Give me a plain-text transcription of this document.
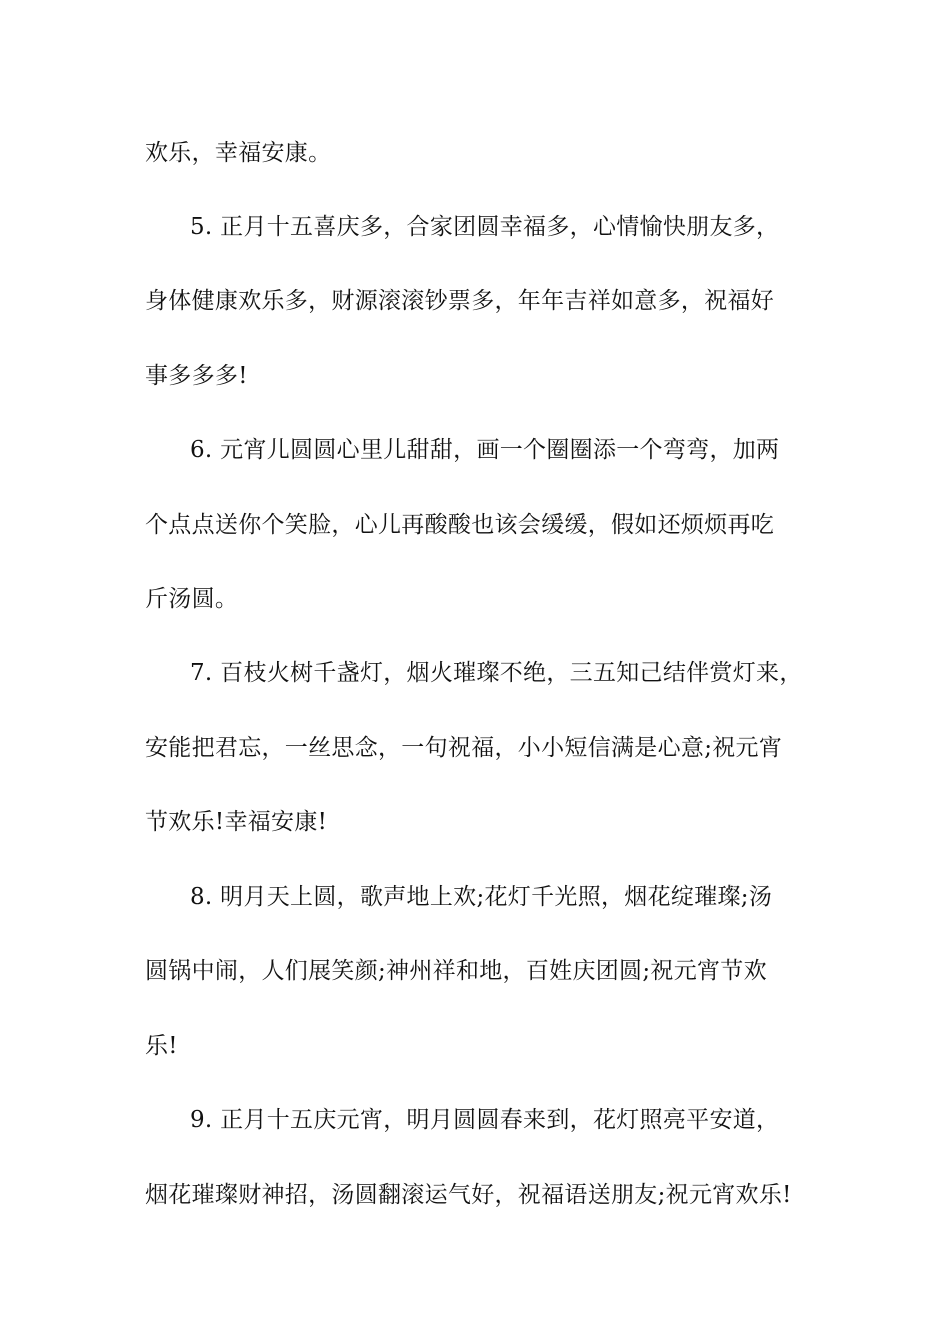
欢乐，幸福安康。
5. 正月十五喜庆多，合家团圆幸福多，心情愉快朋友多，
身体健康欢乐多，财源滚滚钞票多，年年吉祥如意多，祝福好
事多多多!
6. 元宵儿圆圆心里儿甜甜，画一个圈圈添一个弯弯，加两
个点点送你个笑脸，心儿再酸酸也该会缓缓，假如还烦烦再吃
斤汤圆。
7. 百枝火树千盏灯，烟火璀璨不绝，三五知己结伴赏灯来，
安能把君忘，一丝思念，一句祝福，小小短信满是心意;祝元宵
节欢乐!幸福安康!
8. 明月天上圆，歌声地上欢;花灯千光照，烟花绽璀璨;汤
圆锅中闹，人们展笑颜;神州祥和地，百姓庆团圆;祝元宵节欢
乐!
9. 正月十五庆元宵，明月圆圆春来到，花灯照亮平安道，
烟花璀璨财神招，汤圆翻滚运气好，祝福语送朋友;祝元宵欢乐!
